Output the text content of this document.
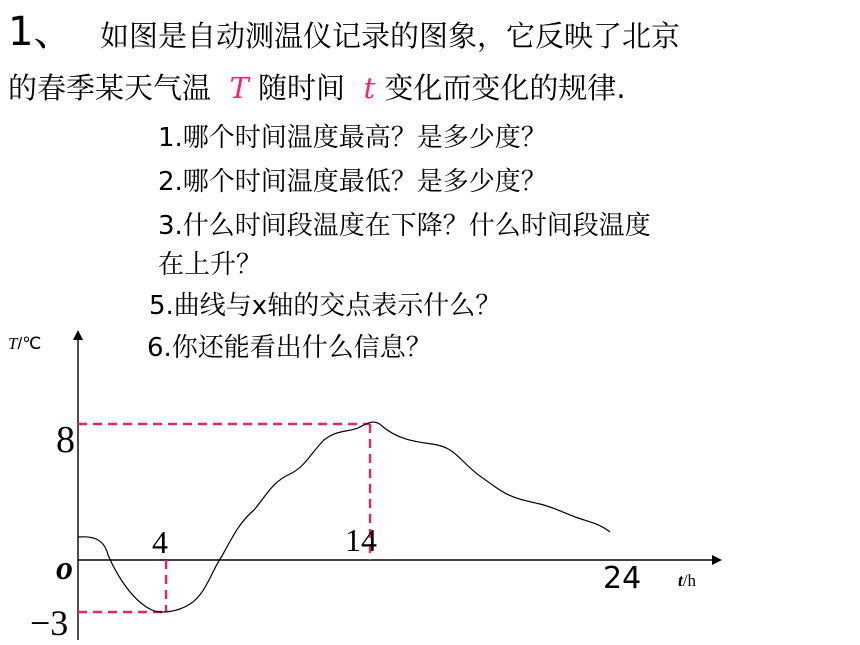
1、 如图是自动测温仪记录的图象，它反映了北京
的春季某天气温 T 随时间 t 变化而变化的规律.
1.哪个时间温度最高？是多少度？
2.哪个时间温度最低？是多少度？
3.什么时间段温度在下降？什么时间段温度
在上升？
5.曲线与x轴的交点表示什么？
6.你还能看出什么信息？
T/℃
t/h
o
8
−3
4	14
24
